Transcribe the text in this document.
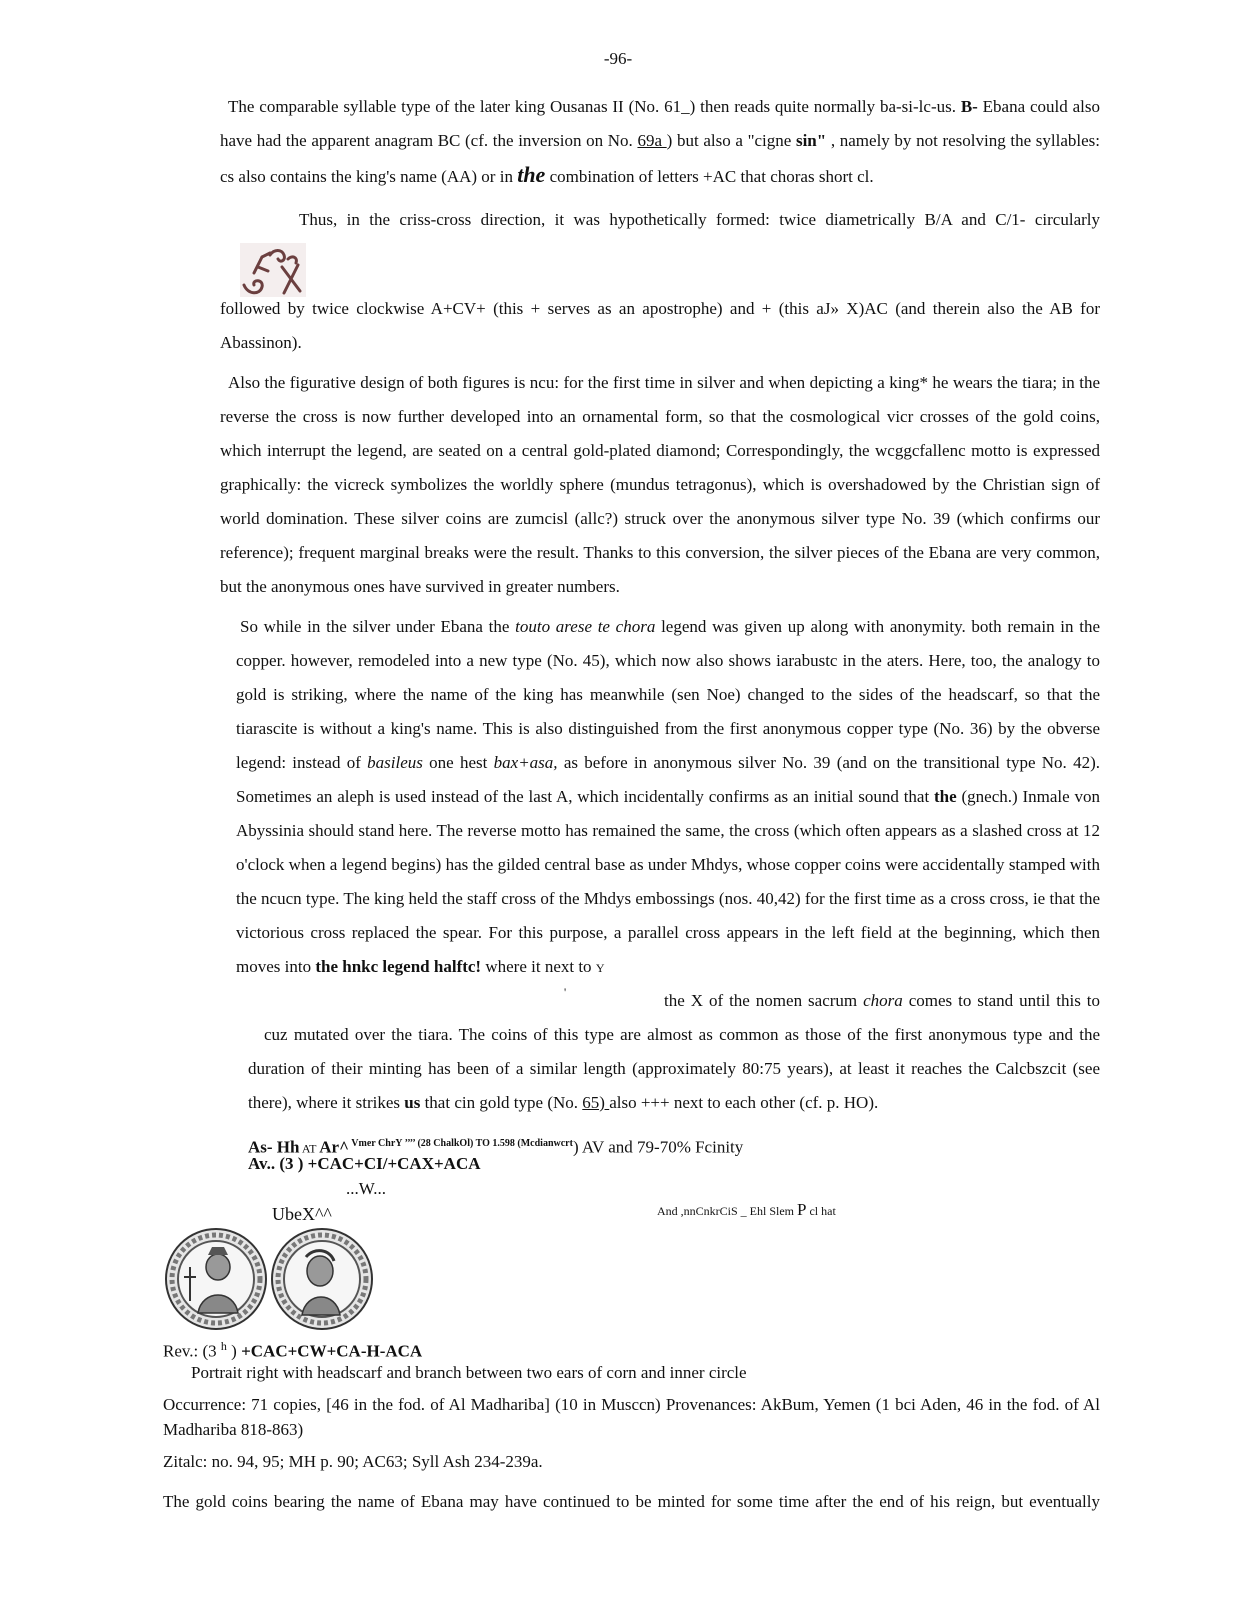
-96-

The comparable syllable type of the later king Ousanas II (No. 61_) then reads quite normally ba-si-lc-us. B- Ebana could also have had the apparent anagram BC (cf. the inversion on No. 69a ) but also a "cigne sin" , namely by not resolving the syllables: cs also contains the king's name (AA) or in the combination of letters +AC that choras short cl.

Thus, in the criss-cross direction, it was hypothetically formed: twice diametrically B/A and C/1- circularly

followed by twice clockwise A+CV+ (this + serves as an apostrophe) and + (this aJ» X)AC (and therein also the AB for Abassinon).

Also the figurative design of both figures is ncu: for the first time in silver and when depicting a king* he wears the tiara; in the reverse the cross is now further developed into an ornamental form, so that the cosmological vicr crosses of the gold coins, which interrupt the legend, are seated on a central gold-plated diamond; Correspondingly, the wcggcfallenc motto is expressed graphically: the vicreck symbolizes the worldly sphere (mundus tetragonus), which is overshadowed by the Christian sign of world domination. These silver coins are zumcisl (allc?) struck over the anonymous silver type No. 39 (which confirms our reference); frequent marginal breaks were the result. Thanks to this conversion, the silver pieces of the Ebana are very common, but the anonymous ones have survived in greater numbers.

So while in the silver under Ebana the touto arese te chora legend was given up along with anonymity. both remain in the copper. however, remodeled into a new type (No. 45), which now also shows iarabustc in the aters. Here, too, the analogy to gold is striking, where the name of the king has meanwhile (sen Noe) changed to the sides of the headscarf, so that the tiarascite is without a king's name. This is also distinguished from the first anonymous copper type (No. 36) by the obverse legend: instead of basileus one hest bax+asa, as before in anonymous silver No. 39 (and on the transitional type No. 42). Sometimes an aleph is used instead of the last A, which incidentally confirms as an initial sound that the (gnech.) Inmale von Abyssinia should stand here. The reverse motto has remained the same, the cross (which often appears as a slashed cross at 12 o'clock when a legend begins) has the gilded central base as under Mhdys, whose copper coins were accidentally stamped with the ncucn type. The king held the staff cross of the Mhdys embossings (nos. 40,42) for the first time as a cross cross, ie that the victorious cross replaced the spear. For this purpose, a parallel cross appears in the left field at the beginning, which then moves into the hnkc legend halftc! where it next to Y

'	the X of the nomen sacrum chora comes to stand until this to

cuz mutated over the tiara. The coins of this type are almost as common as those of the first anonymous type and the

duration of their minting has been of a similar length (approximately 80:75 years), at least it reaches the Calcbszcit (see

there), where it strikes us that cin gold type (No. 65) also +++ next to each other (cf. p. HO).

As- Hh AT Ar^ $^{Vmer ChrY ’’’’ (28 ChalkOl) TO 1.598 (Mcdianwcrt}$) AV and 79-70% Fcinity
Av.. (3 ) +CAC+CI/+CAX+ACA
...W...
UbeX^^	And ,nnCnkrCiS _ Ehl Slem P cl hat
Rev.: (3 $^h$ ) +CAC+CW+CA-H-ACA
Portrait right with headscarf and branch between two ears of corn and inner circle
Occurrence: 71 copies, [46 in the fod. of Al Madhariba] (10 in Musccn) Provenances: AkBum, Yemen (1 bci Aden, 46 in the fod. of Al Madhariba 818-863)
Zitalc: no. 94, 95; MH p. 90; AC63; Syll Ash 234-239a.
The gold coins bearing the name of Ebana may have continued to be minted for some time after the end of his reign, but eventually
